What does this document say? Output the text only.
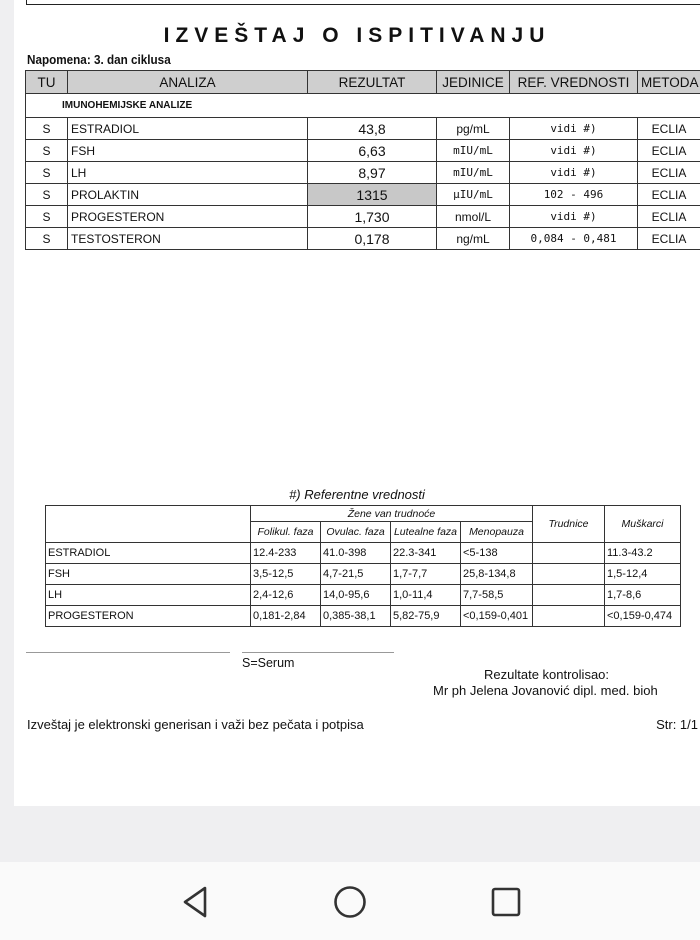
IZVEŠTAJ O ISPITIVANJU
Napomena: 3. dan ciklusa
TU	ANALIZA	REZULTAT	JEDINICE	REF. VREDNOSTI	METODA
IMUNOHEMIJSKE ANALIZE					
S	ESTRADIOL	43,8	pg/mL	vidi #)	ECLIA
S	FSH	6,63	mIU/mL	vidi #)	ECLIA
S	LH	8,97	mIU/mL	vidi #)	ECLIA
S	PROLAKTIN	1315	µIU/mL	102 - 496	ECLIA
S	PROGESTERON	1,730	nmol/L	vidi #)	ECLIA
S	TESTOSTERON	0,178	ng/mL	0,084 - 0,481	ECLIA
#) Referentne vrednosti
	Žene van trudnoće				Trudnice	Muškarci
	Folikul. faza	Ovulac. faza	Lutealne faza	Menopauza		
ESTRADIOL	12.4-233	41.0-398	22.3-341	<5-138		11.3-43.2
FSH	3,5-12,5	4,7-21,5	1,7-7,7	25,8-134,8		1,5-12,4
LH	2,4-12,6	14,0-95,6	1,0-11,4	7,7-58,5		1,7-8,6
PROGESTERON	0,181-2,84	0,385-38,1	5,82-75,9	<0,159-0,401		<0,159-0,474
S=Serum
Rezultate kontrolisao:
Mr ph Jelena Jovanović dipl. med. bioh
Izveštaj je elektronski generisan i važi bez pečata i potpisa	Str: 1/1
